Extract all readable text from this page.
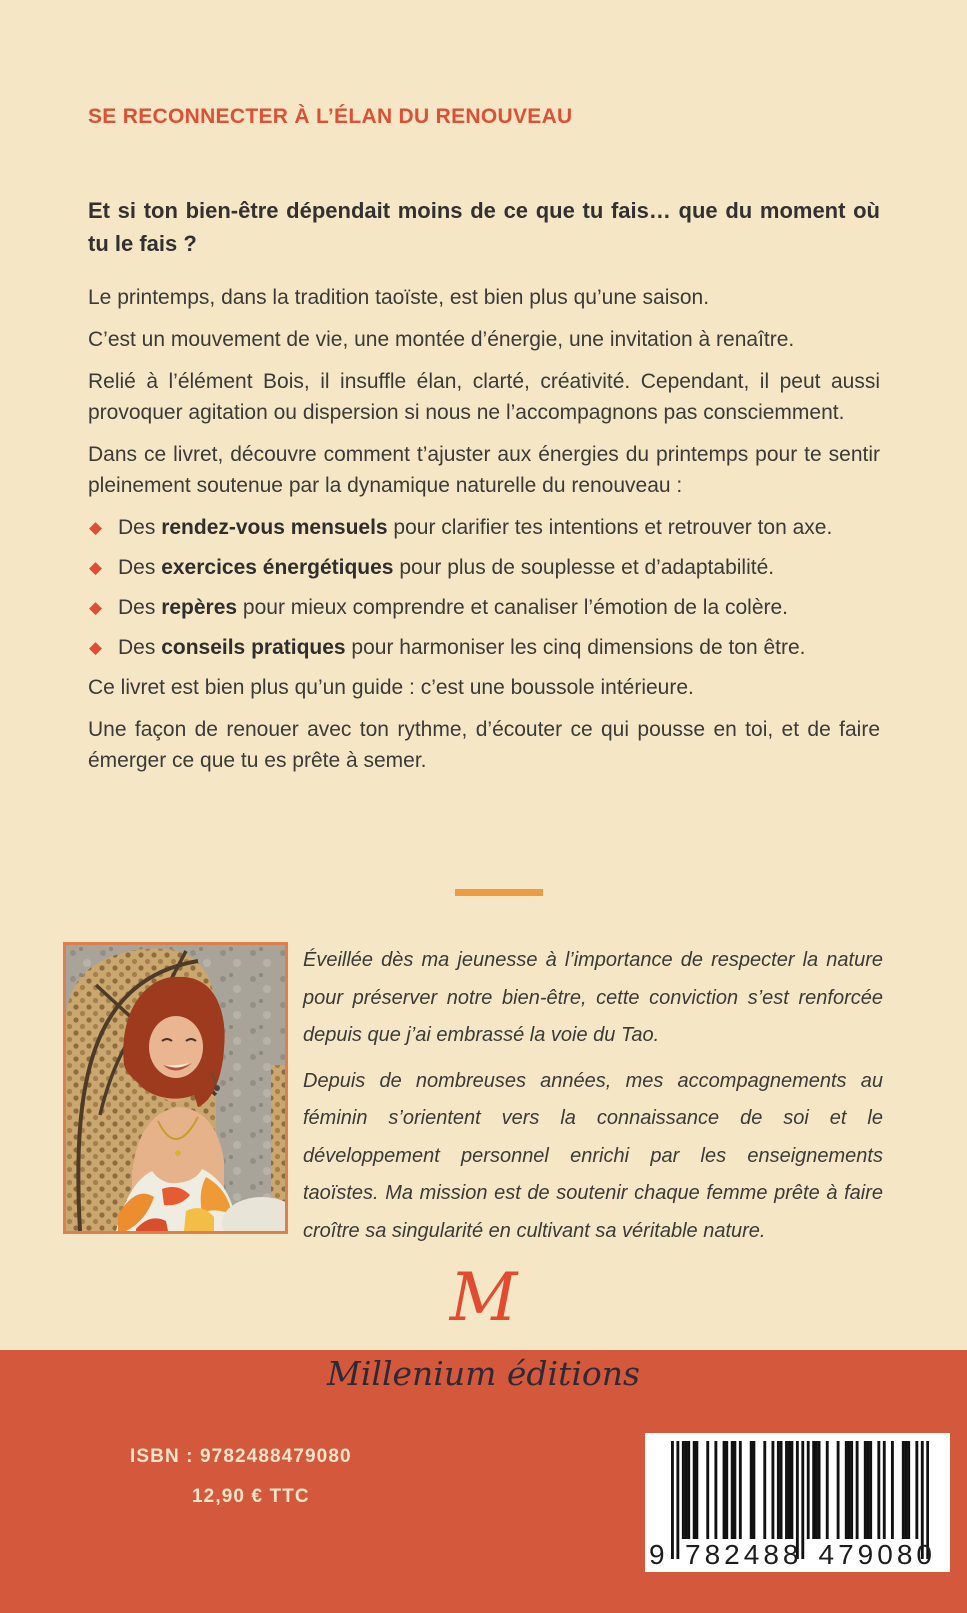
SE RECONNECTER À L’ÉLAN DU RENOUVEAU

Et si ton bien-être dépendait moins de ce que tu fais… que du moment où tu le fais ?

Le printemps, dans la tradition taoïste, est bien plus qu’une saison.

C’est un mouvement de vie, une montée d’énergie, une invitation à renaître.

Relié à l’élément Bois, il insuffle élan, clarté, créativité. Cependant, il peut aussi provoquer agitation ou dispersion si nous ne l’accompagnons pas consciemment.

Dans ce livret, découvre comment t’ajuster aux énergies du printemps pour te sentir pleinement soutenue par la dynamique naturelle du renouveau :

◆ Des rendez-vous mensuels pour clarifier tes intentions et retrouver ton axe.
◆ Des exercices énergétiques pour plus de souplesse et d’adaptabilité.
◆ Des repères pour mieux comprendre et canaliser l’émotion de la colère.
◆ Des conseils pratiques pour harmoniser les cinq dimensions de ton être.

Ce livret est bien plus qu’un guide : c’est une boussole intérieure.

Une façon de renouer avec ton rythme, d’écouter ce qui pousse en toi, et de faire émerger ce que tu es prête à semer.

Éveillée dès ma jeunesse à l’importance de respecter la nature pour préserver notre bien-être, cette conviction s’est renforcée depuis que j’ai embrassé la voie du Tao.

Depuis de nombreuses années, mes accompagnements au féminin s’orientent vers la connaissance de soi et le développement personnel enrichi par les enseignements taoïstes. Ma mission est de soutenir chaque femme prête à faire croître sa singularité en cultivant sa véritable nature.

M
Millenium éditions
ISBN : 9782488479080
12,90 € TTC
9 782488 479080
